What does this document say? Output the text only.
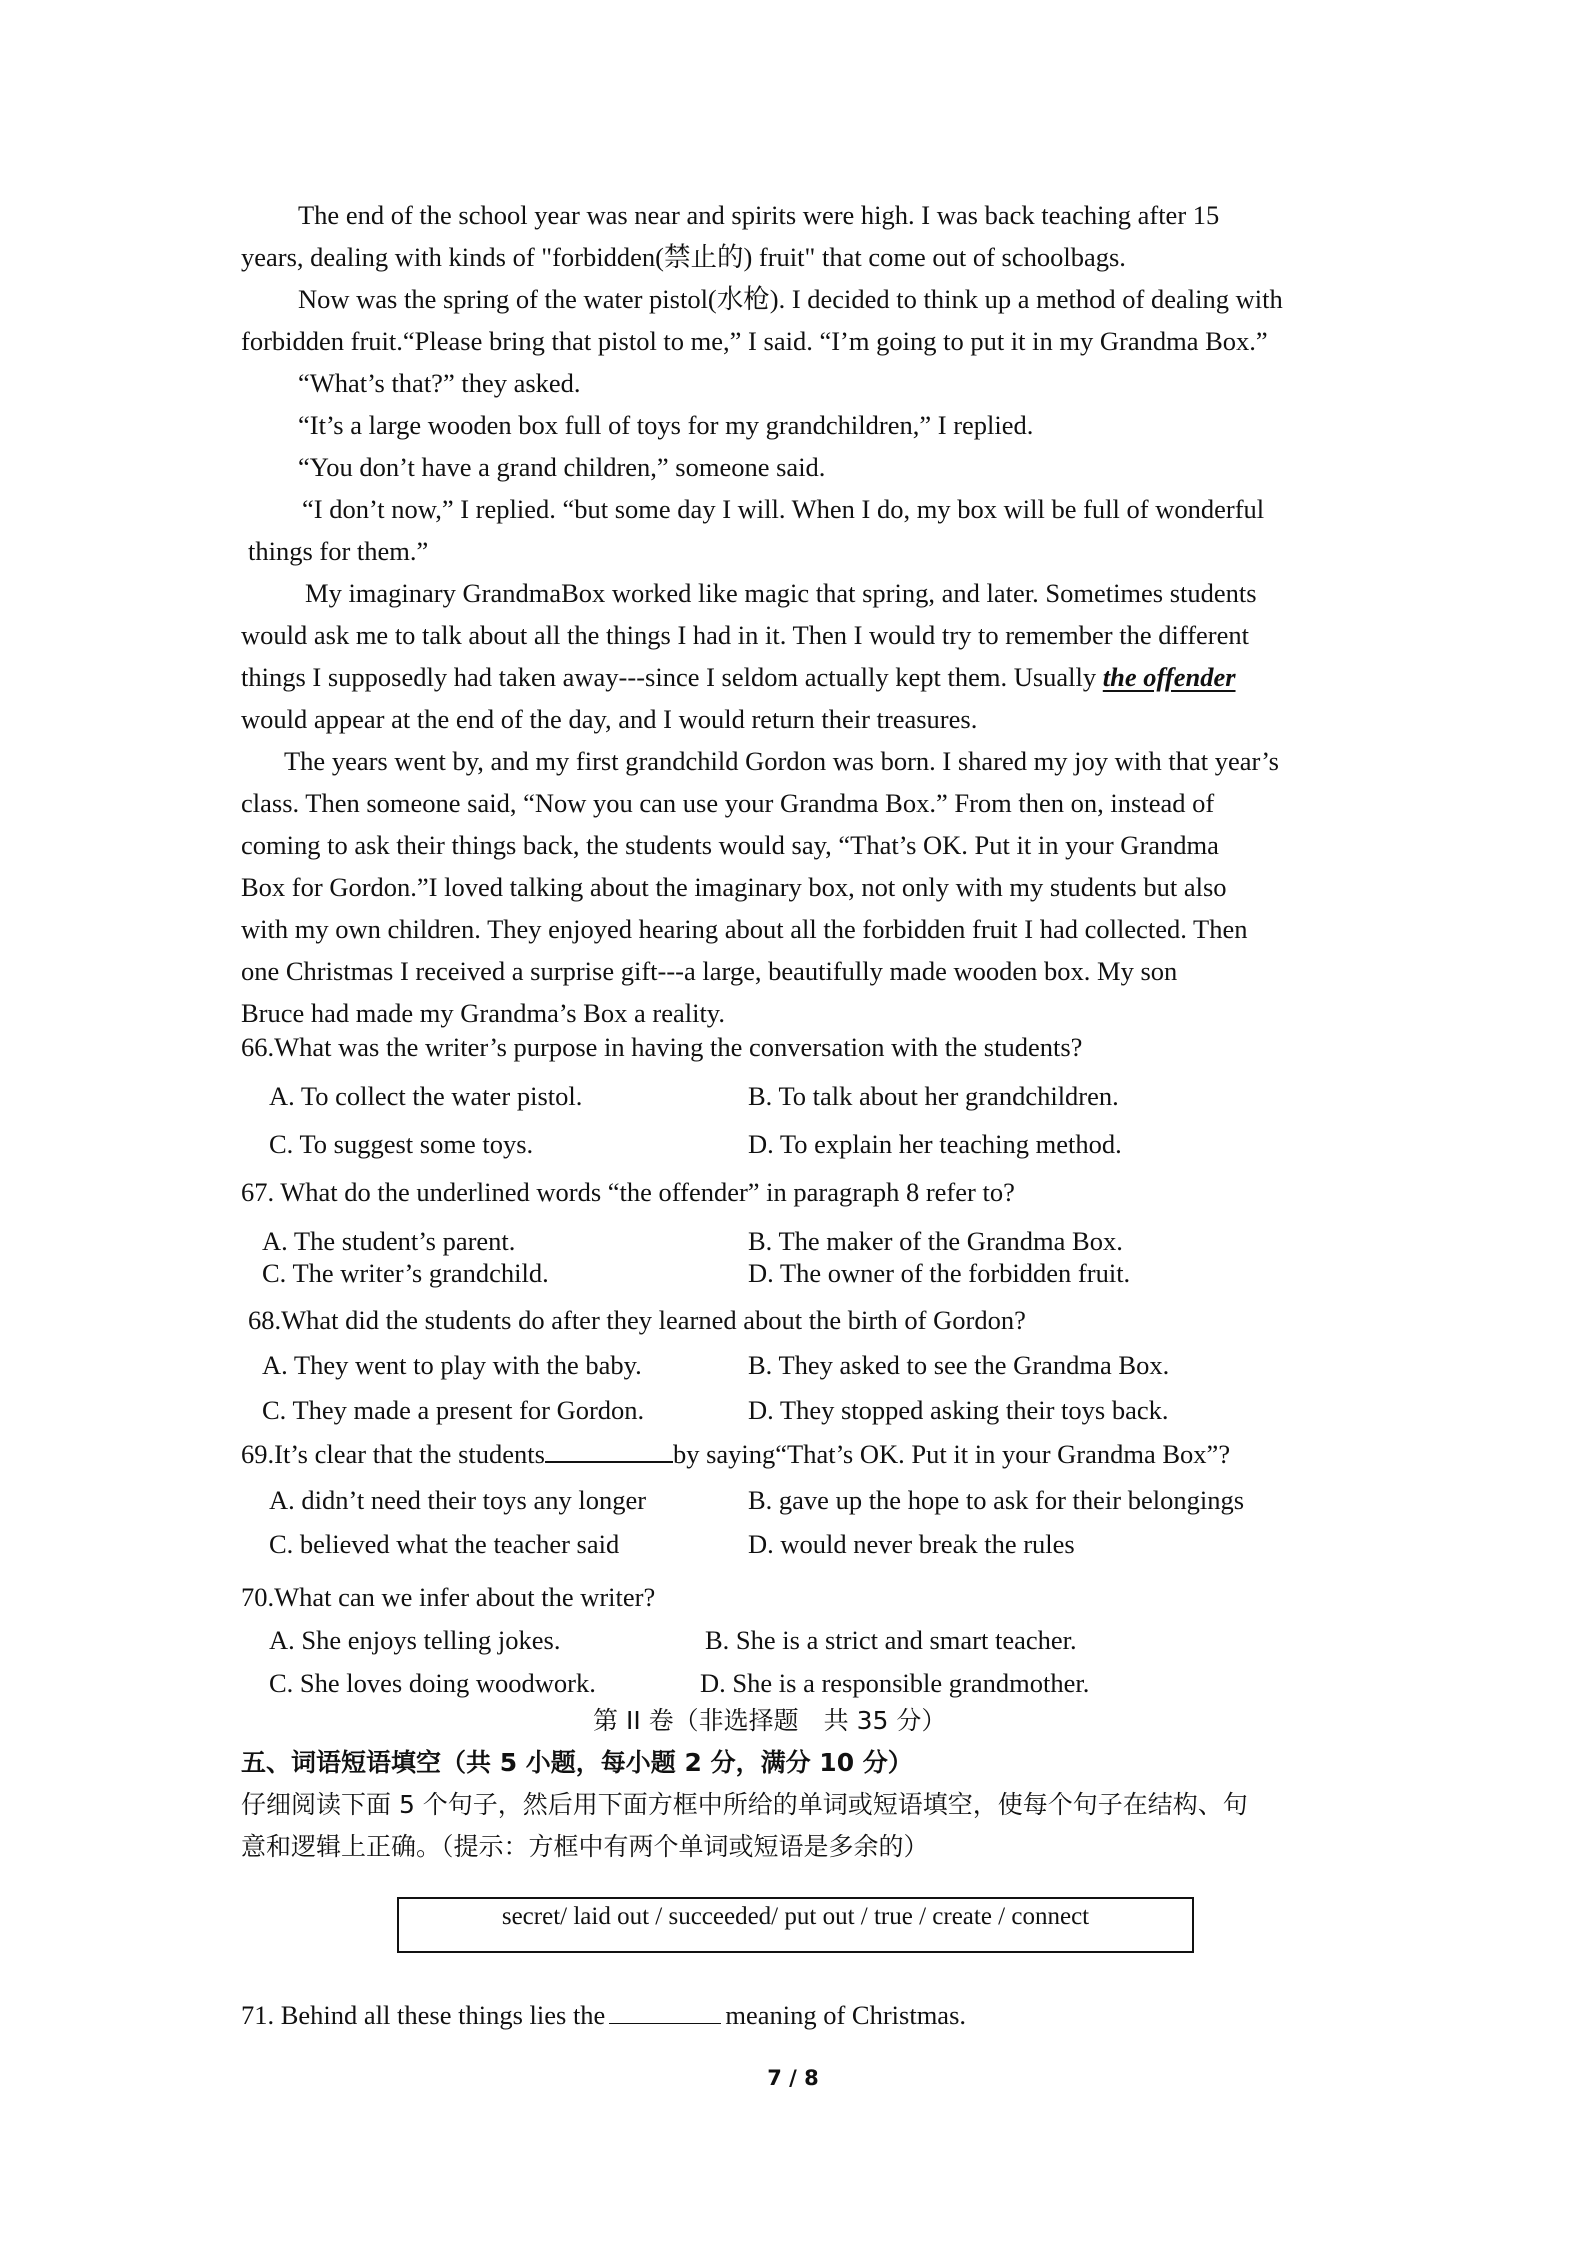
The end of the school year was near and spirits were high. I was back teaching after 15
years, dealing with kinds of "forbidden(禁止的) fruit" that come out of schoolbags.
Now was the spring of the water pistol(水枪). I decided to think up a method of dealing with
forbidden fruit.“Please bring that pistol to me,” I said. “I’m going to put it in my Grandma Box.”
“What’s that?” they asked.
“It’s a large wooden box full of toys for my grandchildren,” I replied.
“You don’t have a grand children,” someone said.
“I don’t now,” I replied. “but some day I will. When I do, my box will be full of wonderful
things for them.”
My imaginary GrandmaBox worked like magic that spring, and later. Sometimes students
would ask me to talk about all the things I had in it. Then I would try to remember the different
things I supposedly had taken away---since I seldom actually kept them. Usually the offender
would appear at the end of the day, and I would return their treasures.
The years went by, and my first grandchild Gordon was born. I shared my joy with that year’s
class. Then someone said, “Now you can use your Grandma Box.” From then on, instead of
coming to ask their things back, the students would say, “That’s OK. Put it in your Grandma
Box for Gordon.”I loved talking about the imaginary box, not only with my students but also
with my own children. They enjoyed hearing about all the forbidden fruit I had collected. Then
one Christmas I received a surprise gift---a large, beautifully made wooden box. My son
Bruce had made my Grandma’s Box a reality.
66.What was the writer’s purpose in having the conversation with the students?
A. To collect the water pistol.	B. To talk about her grandchildren.
C. To suggest some toys.	D. To explain her teaching method.
67. What do the underlined words “the offender” in paragraph 8 refer to?
A. The student’s parent.	B. The maker of the Grandma Box.
C. The writer’s grandchild.	D. The owner of the forbidden fruit.
68.What did the students do after they learned about the birth of Gordon?
A. They went to play with the baby.	B. They asked to see the Grandma Box.
C. They made a present for Gordon.	D. They stopped asking their toys back.
69.It’s clear that the students	by saying“That’s OK. Put it in your Grandma Box”?
A. didn’t need their toys any longer	B. gave up the hope to ask for their belongings
C. believed what the teacher said	D. would never break the rules
70.What can we infer about the writer?
A. She enjoys telling jokes.	B. She is a strict and smart teacher.
C. She loves doing woodwork.	D. She is a responsible grandmother.
第 II 卷（非选择题　共 35 分）
五、词语短语填空（共 5 小题，每小题 2 分，满分 10 分）
仔细阅读下面 5 个句子，然后用下面方框中所给的单词或短语填空，使每个句子在结构、句
意和逻辑上正确。（提示：方框中有两个单词或短语是多余的）
secret/ laid out / succeeded/ put out / true / create / connect
71. Behind all these things lies the	meaning of Christmas.
7 / 8
